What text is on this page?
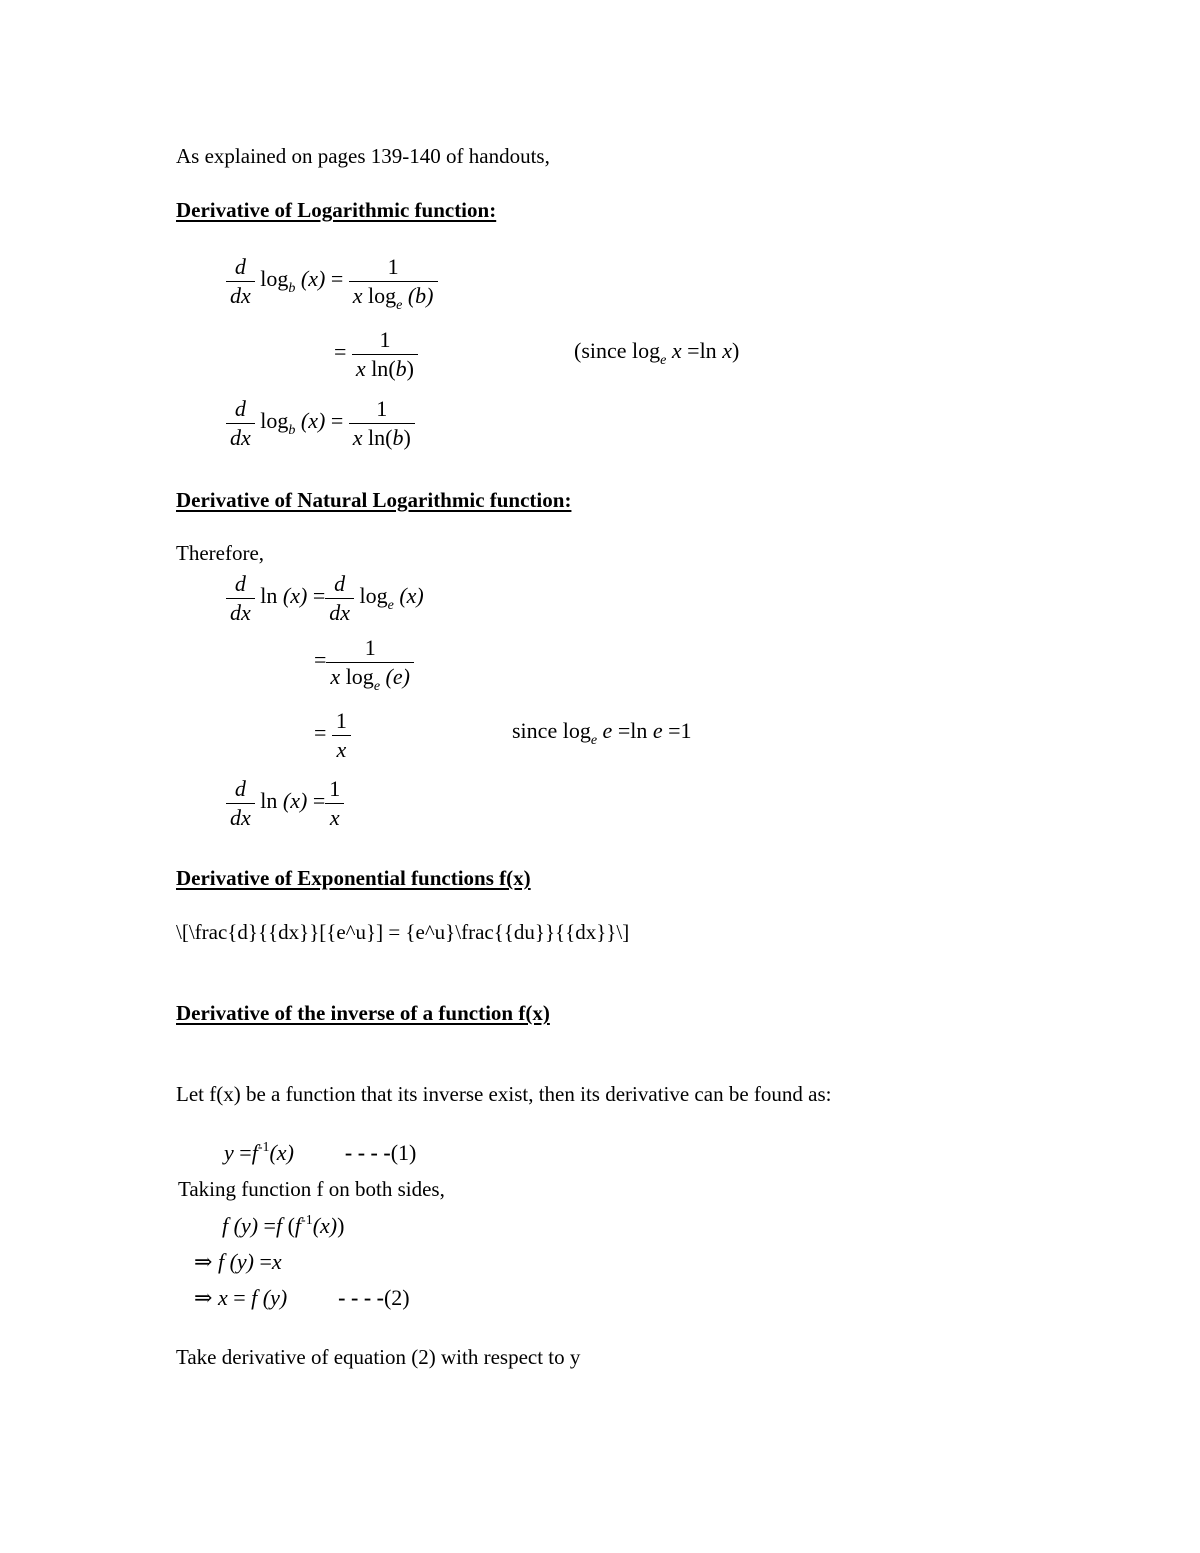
As explained on pages 139-140 of handouts,
Derivative of Logarithmic function:
$\frac{d}{dx} \log_b (x) = \frac{1}{x \log_e (b)}$
= $\frac{1}{\text{x ln(b)}}$	(since $\log_e x =\ln$ x)
$\frac{d}{dx} \log_b (x) = \frac{1}{\text{x ln(b)}}$
Derivative of Natural Logarithmic function:
Therefore,
$\frac{d}{dx}$ $\ln (x) = \frac{d}{dx} \log_e (x)$
= $\frac{1}{x \log_e (e)}$
= $\frac{1}{x}$	since $\log_e e =\ln$ e =1
$\frac{d}{dx}$ $\ln (x) = \frac{1}{x}$
Derivative of Exponential functions f(x)
\[\frac{d}{{dx}}[{e^u}] = {e^u}\frac{{du}}{{dx}}\]
Derivative of the inverse of a function f(x)
Let f(x) be a function that its inverse exist, then its derivative can be found as:
$y =f^{-1}(x)$ - - - -(1)
Taking function f on both sides,
f (y) =f $(f^{-1}(x))$
⇒ f (y) =x
⇒ x = f (y) - - - -(2)
Take derivative of equation (2) with respect to y
